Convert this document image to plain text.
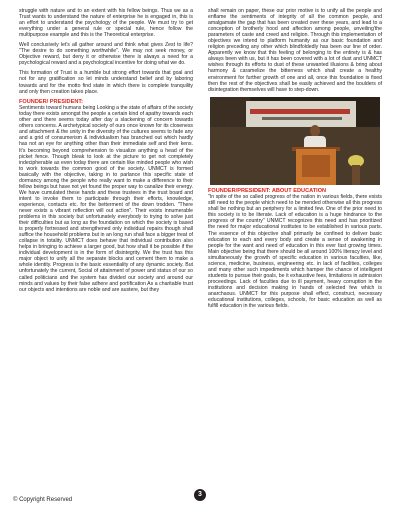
struggle with nature and to an extent with his fellow beings. Thus we as a Trust wants to understand the nature of enterprise he is engaged in, this is an effort to understand the psychology of the people. We must try to get everything under a general rule or special rule, hence follow the multipurpose example and this is the Theoretical enterprise.

Well conclusively let's all gather around and think what gives Zest to life? "The desire to do something worthwhile". We may not seek money, or Objective reward, but deny it or otherwise there is always a need for a psychological reward and a psychological incentive for doing what we do.

This formation of Trust is a humble but strong effort towards that goal and not for any gratification so let minds understand belief and by laboring towards and for the motto find state in which there is complete tranquility and only then creation takes place.

FOUNDER/ PRESIDENT:

Sentiments toward humans being Looking a the state of affairs of the society today there exists amongst the people a certain kind of apathy towards each other and there seems today after day a slackening of concern towards others concerns. A archetypical society of ours once known for its closeness and attachment & the unity in the diversity of the cultures seems to fade any and a grid of consumerism & individualism has branched out which hardly has not an eye for anything other than their immediate self and their kens. It's becoming beyond comprehension to visualize anything a head of the picket fence. Though bleak to look at the picture to get not completely indecipherable as even today there are certain like minded people who wish to work towards the common good of the society. UNMCT is formed basically with the objective, taking in to parlance this specific state of dormancy among the people who really want to make a difference to their fellow beings but have not yet found the proper way to canalize their energy. We have cumulated these hands and these trustees in the trust board and intent to invoke them to participate through their efforts, knowledge, experience, contacts etc. for the betterment of the down trodden. "There never exists a vibrant reflection will out action". Their exists innumerable problems in this society but unfortunately everybody to trying to solve just their difficulties but as long as the foundation on which the society is based is properly fortressed and strengthened only individual repairs though shall suffice the household problems but in an long run shall face a bigger treat of collapse in totality. UNMCT does behave that individual contribution also helps in bringing to achieve a larger good, but how shall it be possible if the individual development is in the form of disintegrity. We the trust has this major object to unify all the separate blocks and cement them to make a whole identity. Progress is the basic essentiality of any dynamic society. But unfortunately the current, Social of attainment of power and status of our so called politicians and the system has divided our society and around our minds and values by their false adhere and portification As a charitable trust our objects and intentions are noble and are austere, but they

shall remain on paper, these our prior motive is to unify all the people and enflame the sentiments of integrity of all the common people, and amalgamate the gap that has been created over these years, and lead to a conception of brotherly hood and affection among people, unveiling'the parameters of caste and creed and religion. Through this implementation of objectives we intend to platform humanity as our basic foundation and religion preceding any other which blindfoldedly has been our line of order. Apparently we know that this feeling of belonging to the entirety is & has always been with us, but it has been covered with a lot of dust and UNMCT wishes through its efforts to dust of these unwanted illusions & bring about harmony & caramelize the bitterness which shall create a healthy environment for further growth of one and all, once this foundation is fixed then the rest of the objectives shall be easily achieved and the boulders of disintegration themselves will have to step-down.

FOUNDER/PRESIDENT: ABOUT EDUCATION

"In spite of the so called progress of the nation in various fields, there exists still need to the people which need to be mended otherwise all this progress shall be nothing but an periphery for a limited few. One of the prior need to this society is to be literate. Lack of education is a huge hindrance to the progress of the country" UNMCT recognizes this need and has prioritized the need for major educational institutes to be established in various parts. The essence of this objective shall primarily be confined to deliver basic education to each and every body and create a sense of awakening in people for the want and need of education in this ever fast growing times. Main objective being that there should be all around 100% literacy level and simultaneously the growth of specific education in various faculties, like, science, medicine, business, engineering etc. in lack of facilities, colleges and many other such impediments which hamper the chance of intelligent students to pursue their goals, be it exhaustive fees, limitations in admission proceedings. Lack of faculties due to ill payment, heavy corruption in the institutions and decision making in hands of selected few which is anarchaous. UNMCT for this purpose shall effect, construct, necessary educational institutions, colleges, schools, for basic education as well as fulfill education in the various fields.

3
© Copyright Reserved
